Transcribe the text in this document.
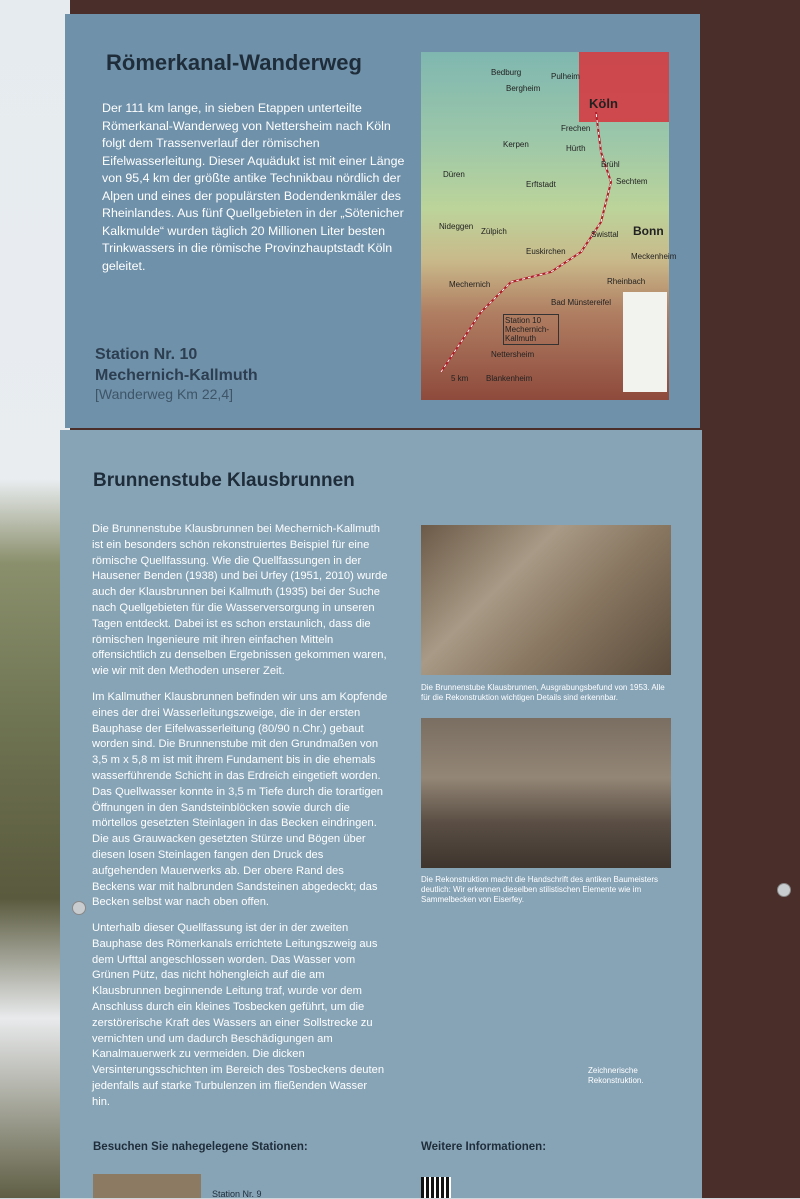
Römerkanal-Wanderweg
Der 111 km lange, in sieben Etappen unterteilte Römerkanal-Wanderweg von Nettersheim nach Köln folgt dem Trassenverlauf der römischen Eifelwasserleitung. Dieser Aquädukt ist mit einer Länge von 95,4 km der größte antike Technikbau nördlich der Alpen und eines der populärsten Bodendenkmäler des Rheinlandes. Aus fünf Quellgebieten in der „Sötenicher Kalkmulde“ wurden täglich 20 Millionen Liter besten Trinkwassers in die römische Provinzhauptstadt Köln geleitet.
Station Nr. 10
Mechernich-Kallmuth
[Wanderweg Km 22,4]
Köln
Bonn
Bedburg	Pulheim
Bergheim
Frechen
Kerpen	Hürth
Düren
Brühl
Erftstadt	Sechtem
Nideggen
Zülpich
Euskirchen
Swisttal
Mechernich
Bad Münstereifel
Nettersheim
Blankenheim
Rheinbach
Meckenheim
Station 10 Mechernich-Kallmuth
5 km
Brunnenstube Klausbrunnen

Die Brunnenstube Klausbrunnen bei Mechernich-Kallmuth ist ein besonders schön rekonstruiertes Beispiel für eine römische Quellfassung. Wie die Quellfassungen in der Hausener Benden (1938) und bei Urfey (1951, 2010) wurde auch der Klausbrunnen bei Kallmuth (1935) bei der Suche nach Quellgebieten für die Wasserversorgung in unseren Tagen entdeckt. Dabei ist es schon erstaunlich, dass die römischen Ingenieure mit ihren einfachen Mitteln offensichtlich zu denselben Ergebnissen gekommen waren, wie wir mit den Methoden unserer Zeit.

Im Kallmuther Klausbrunnen befinden wir uns am Kopfende eines der drei Wasserleitungszweige, die in der ersten Bauphase der Eifelwasserleitung (80/90 n.Chr.) gebaut worden sind. Die Brunnenstube mit den Grundmaßen von 3,5 m x 5,8 m ist mit ihrem Fundament bis in die ehemals wasserführende Schicht in das Erdreich eingetieft worden. Das Quellwasser konnte in 3,5 m Tiefe durch die torartigen Öffnungen in den Sandsteinblöcken sowie durch die mörtellos gesetzten Steinlagen in das Becken eindringen. Die aus Grauwacken gesetzten Stürze und Bögen über diesen losen Steinlagen fangen den Druck des aufgehenden Mauerwerks ab. Der obere Rand des Beckens war mit halbrunden Sandsteinen abgedeckt; das Becken selbst war nach oben offen.

Unterhalb dieser Quellfassung ist der in der zweiten Bauphase des Römerkanals errichtete Leitungszweig aus dem Urfttal angeschlossen worden. Das Wasser vom Grünen Pütz, das nicht höhengleich auf die am Klausbrunnen beginnende Leitung traf, wurde vor dem Anschluss durch ein kleines Tosbecken geführt, um die zerstörerische Kraft des Wassers an einer Sollstrecke zu vernichten und um dadurch Beschädigungen am Kanalmauerwerk zu vermeiden. Die dicken Versinterungsschichten im Bereich des Tosbeckens deuten jedenfalls auf starke Turbulenzen im fließenden Wasser hin.

Die Brunnenstube Klausbrunnen, Ausgrabungsbefund von 1953. Alle für die Rekonstruktion wichtigen Details sind erkennbar.
Die Rekonstruktion macht die Handschrift des antiken Baumeisters deutlich: Wir erkennen dieselben stilistischen Elemente wie im Sammelbecken von Eiserfey.
Zeichnerische Rekonstruktion.
Besuchen Sie nahegelegene Stationen:	Weitere Informationen:
Station Nr. 9
